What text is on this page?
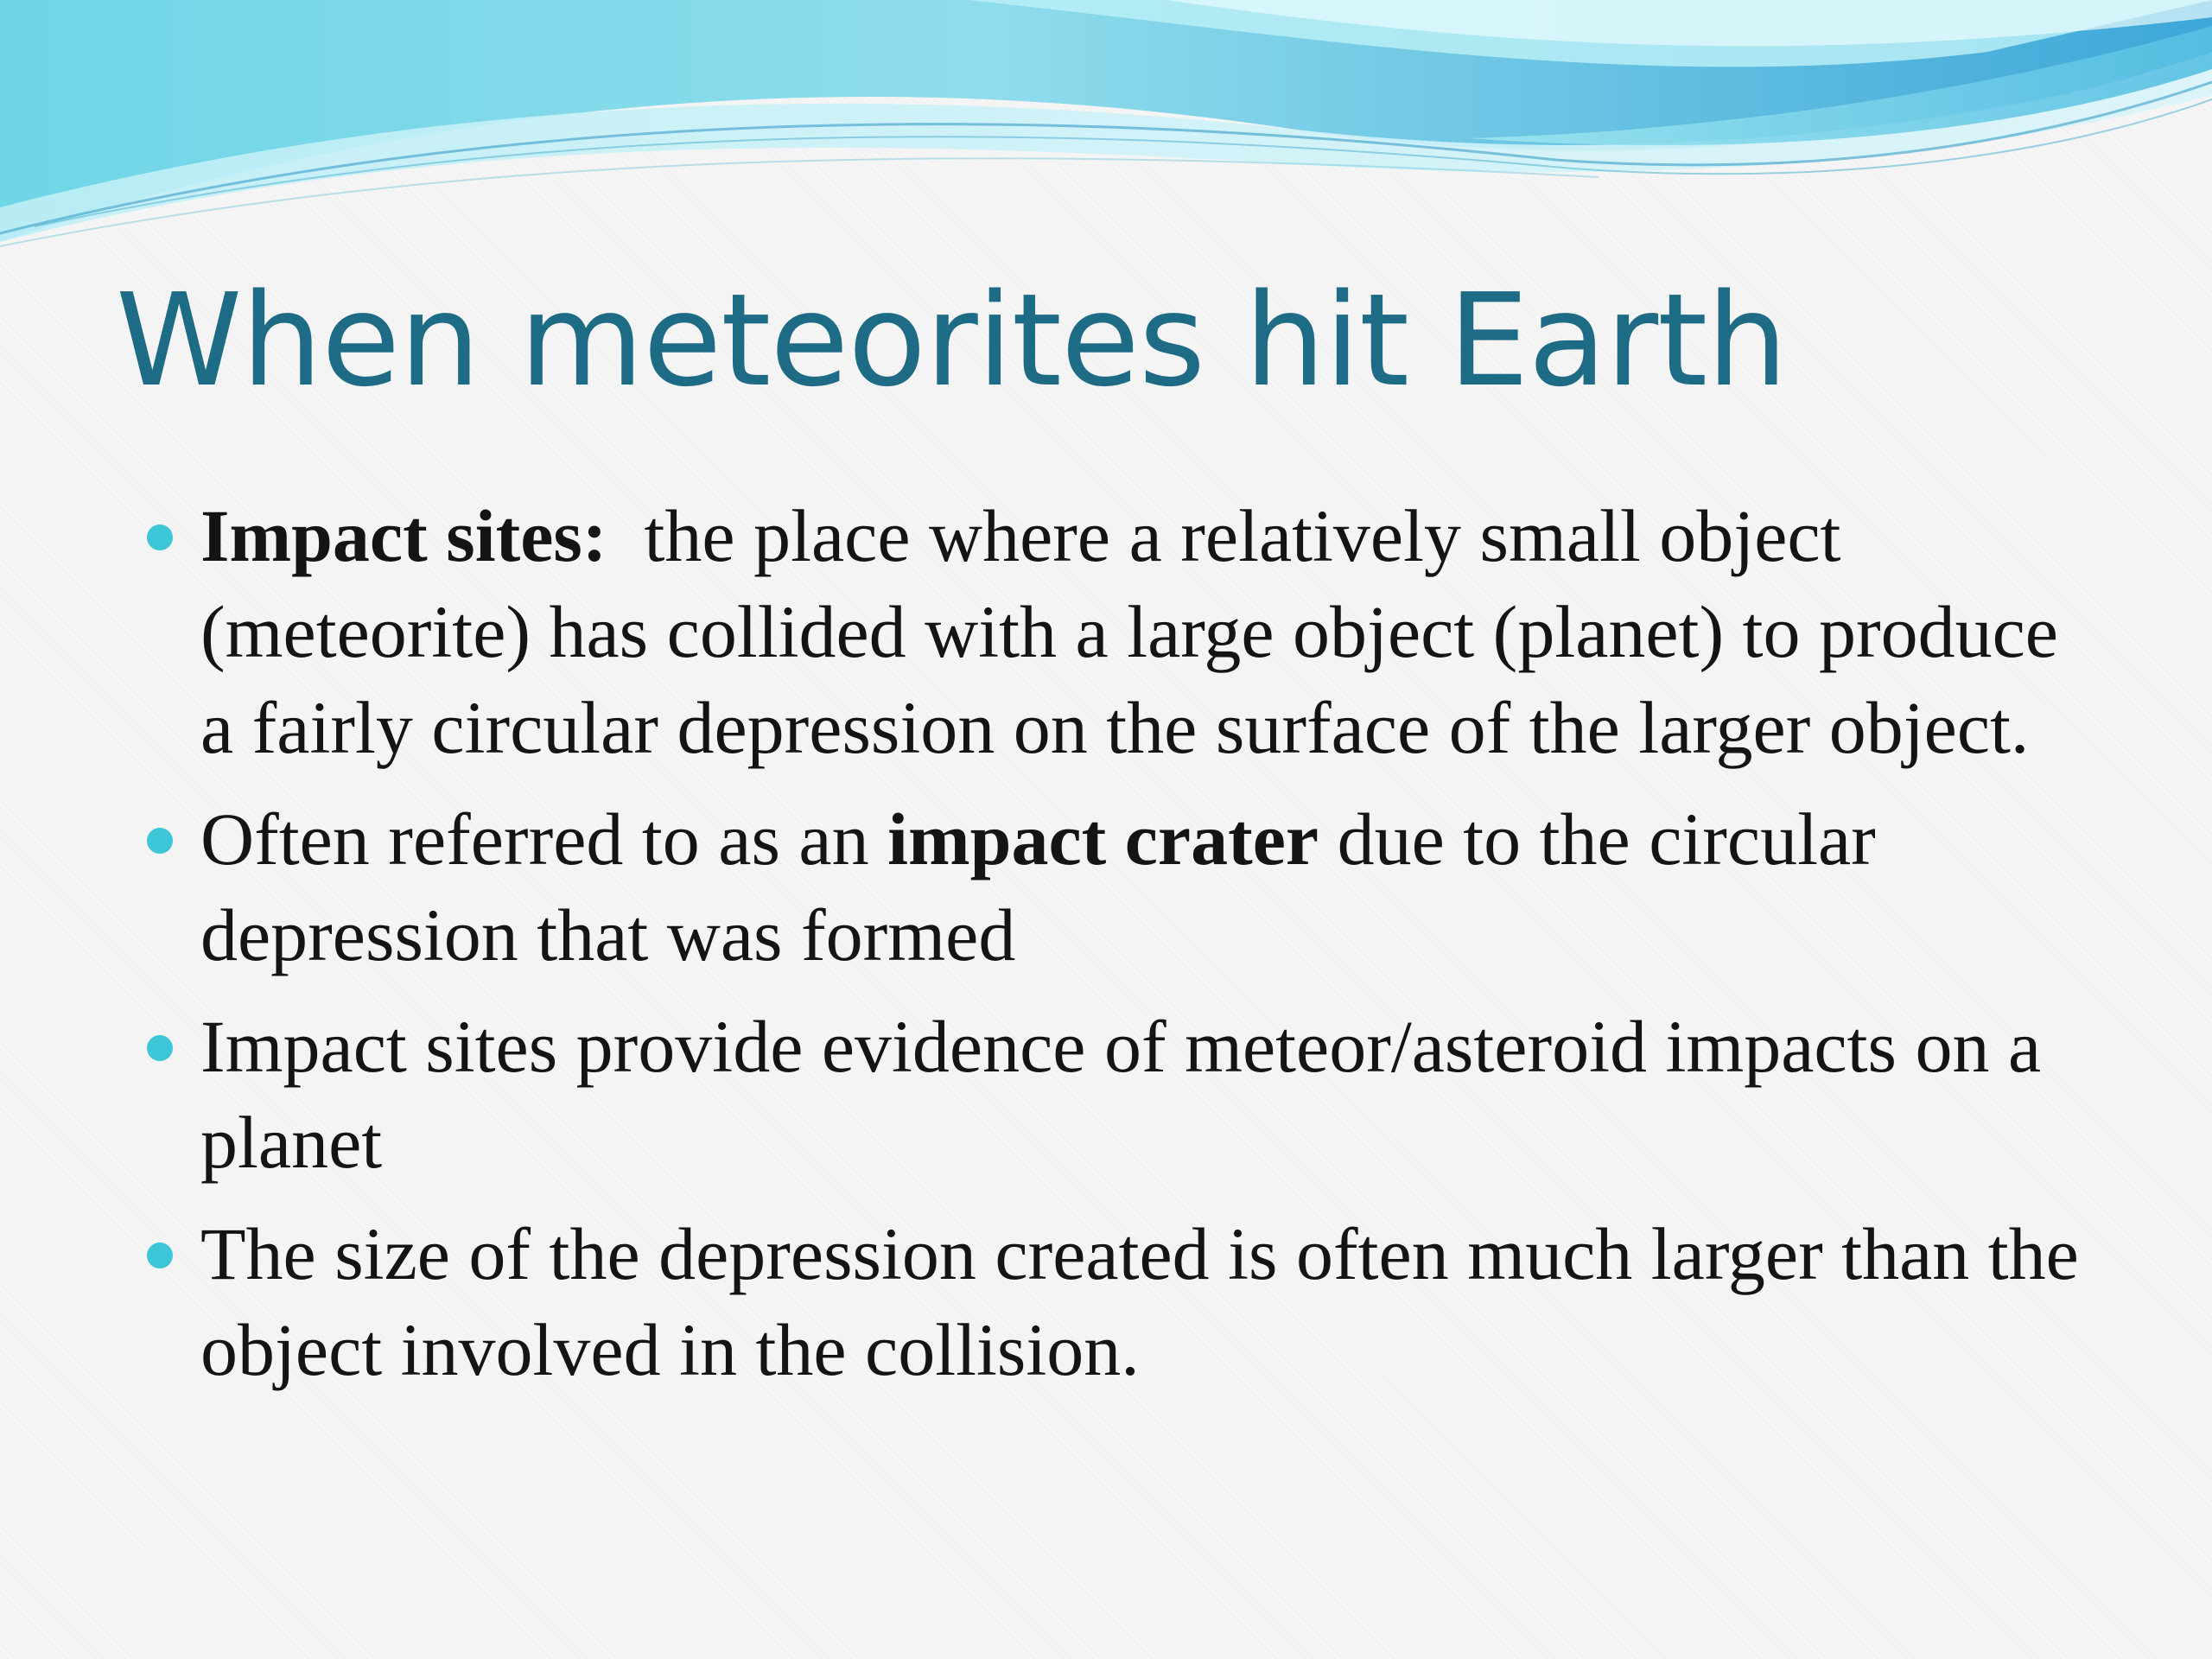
When meteorites hit Earth
Impact sites:  the place where a relatively small object (meteorite) has collided with a large object (planet) to produce a fairly circular depression on the surface of the larger object.
Often referred to as an impact crater due to the circular depression that was formed
Impact sites provide evidence of meteor/asteroid impacts on a planet
The size of the depression created is often much larger than the object involved in the collision.
